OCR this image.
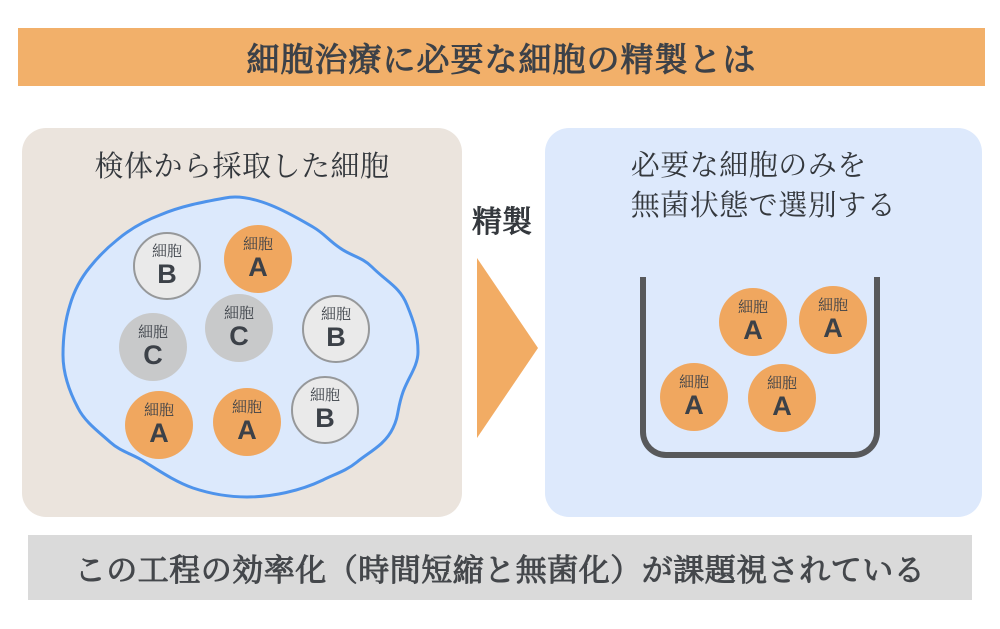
細胞治療に必要な細胞の精製とは
検体から採取した細胞
細胞
B
細胞
A
細胞
C
細胞
C
細胞
B
細胞
A
細胞
A
細胞
B
精製
必要な細胞のみを
無菌状態で選別する
細胞
A
細胞
A
細胞
A
細胞
A
この工程の効率化（時間短縮と無菌化）が課題視されている
